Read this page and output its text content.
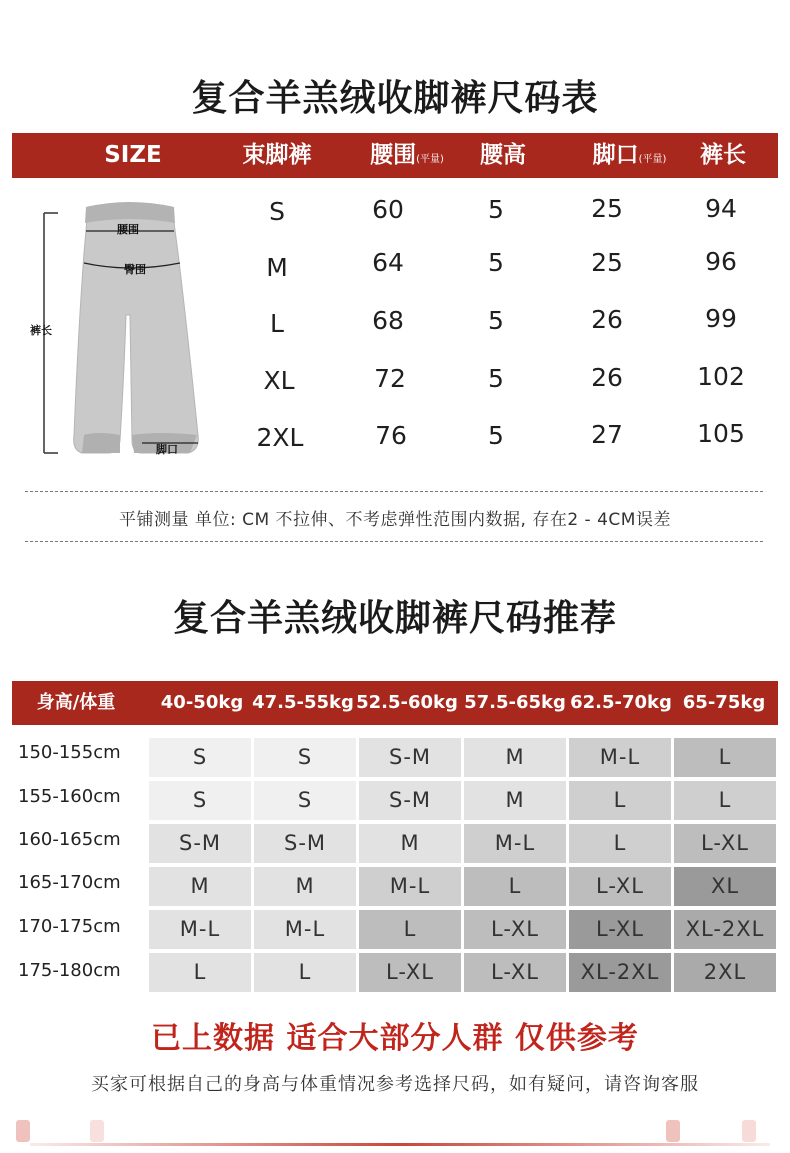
复合羊羔绒收脚裤尺码表
SIZE	束脚裤	腰围(平量)	腰高	脚口(平量)	裤长
腰围
臀围
裤长
脚口
S	60	5	25	94
M	64	5	25	96
L	68	5	26	99
XL	72	5	26	102
2XL	76	5	27	105
平铺测量 单位: CM 不拉伸、不考虑弹性范围内数据, 存在2 - 4CM误差
复合羊羔绒收脚裤尺码推荐
身高/体重	40-50kg 47.5-55kg 52.5-60kg 57.5-65kg 62.5-70kg 65-75kg
150-155cm	S	S	S-M	M	M-L	L
155-160cm	S	S	S-M	M	L	L
160-165cm	S-M	S-M	M	M-L	L	L-XL
165-170cm	M	M	M-L	L	L-XL	XL
170-175cm	M-L	M-L	L	L-XL	L-XL	XL-2XL
175-180cm	L	L	L-XL	L-XL	XL-2XL	2XL
已上数据 适合大部分人群 仅供参考
买家可根据自己的身高与体重情况参考选择尺码，如有疑问，请咨询客服
